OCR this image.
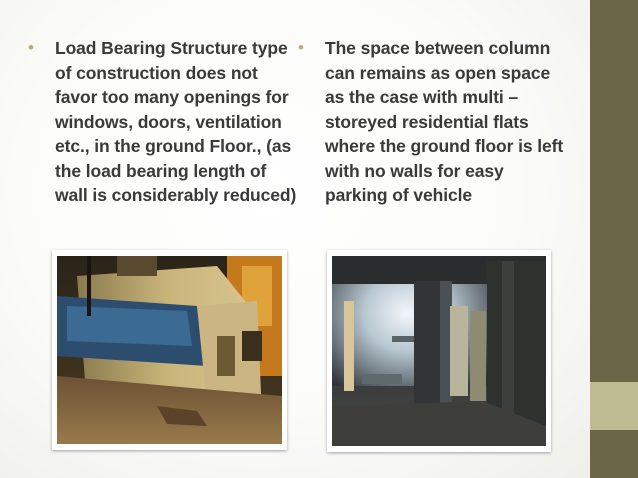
• Load Bearing Structure type of construction does not favor too many openings for windows, doors, ventilation etc., in the ground Floor., (as the load bearing length of wall is considerably reduced)
• The space between column can remains as open space as the case with multi – storeyed residential flats where the ground floor is left with no walls for easy parking of vehicle
